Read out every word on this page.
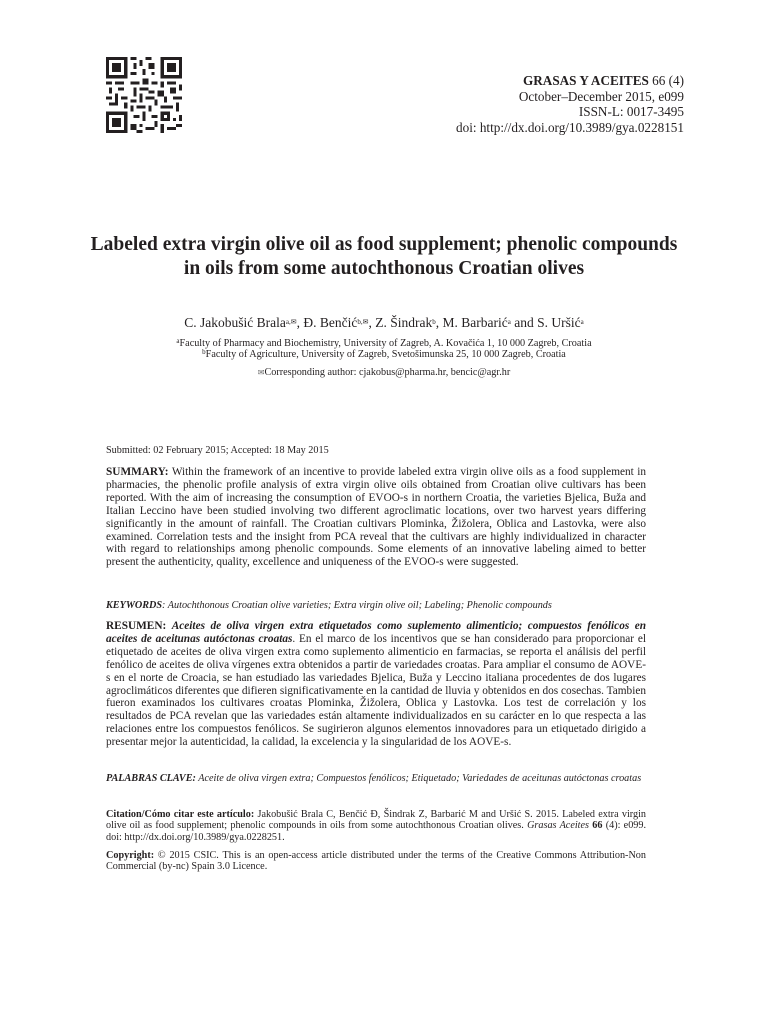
GRASAS Y ACEITES 66 (4)
October–December 2015, e099
ISSN-L: 0017-3495
doi: http://dx.doi.org/10.3989/gya.0228151
Labeled extra virgin olive oil as food supplement; phenolic compounds in oils from some autochthonous Croatian olives
C. Jakobušić Brala$^{a,✉}$, Đ. Benčić$^{b,✉}$, Z. Šindrak$^b$, M. Barbarić$^a$ and S. Uršić$^a$
$^a$Faculty of Pharmacy and Biochemistry, University of Zagreb, A. Kovačića 1, 10 000 Zagreb, Croatia
$^b$Faculty of Agriculture, University of Zagreb, Svetošimunska 25, 10 000 Zagreb, Croatia
✉Corresponding author: cjakobus@pharma.hr, bencic@agr.hr
Submitted: 02 February 2015; Accepted: 18 May 2015
SUMMARY: Within the framework of an incentive to provide labeled extra virgin olive oils as a food supplement in pharmacies, the phenolic profile analysis of extra virgin olive oils obtained from Croatian olive cultivars has been reported. With the aim of increasing the consumption of EVOO-s in northern Croatia, the varieties Bjelica, Buža and Italian Leccino have been studied involving two different agroclimatic locations, over two harvest years differing significantly in the amount of rainfall. The Croatian cultivars Plominka, Žižolera, Oblica and Lastovka, were also examined. Correlation tests and the insight from PCA reveal that the cultivars are highly individualized in character with regard to relationships among phenolic compounds. Some elements of an innovative labeling aimed to better present the authenticity, quality, excellence and uniqueness of the EVOO-s were suggested.
KEYWORDS: Autochthonous Croatian olive varieties; Extra virgin olive oil; Labeling; Phenolic compounds
RESUMEN: Aceites de oliva virgen extra etiquetados como suplemento alimenticio; compuestos fenólicos en aceites de aceitunas autóctonas croatas. En el marco de los incentivos que se han considerado para proporcionar el etiquetado de aceites de oliva virgen extra como suplemento alimenticio en farmacias, se reporta el análisis del perfil fenólico de aceites de oliva vírgenes extra obtenidos a partir de variedades croatas. Para ampliar el consumo de AOVE-s en el norte de Croacia, se han estudiado las variedades Bjelica, Buža y Leccino italiana procedentes de dos lugares agroclimáticos diferentes que difieren significativamente en la cantidad de lluvia y obtenidos en dos cosechas. Tambien fueron examinados los cultivares croatas Plominka, Žižolera, Oblica y Lastovka. Los test de correlación y los resultados de PCA revelan que las variedades están altamente individualizados en su carácter en lo que respecta a las relaciones entre los compuestos fenólicos. Se sugirieron algunos elementos innovadores para un etiquetado dirigido a presentar mejor la autenticidad, la calidad, la excelencia y la singularidad de los AOVE-s.
PALABRAS CLAVE: Aceite de oliva virgen extra; Compuestos fenólicos; Etiquetado; Variedades de aceitunas autóctonas croatas
Citation/Cómo citar este artículo: Jakobušić Brala C, Benčić Đ, Šindrak Z, Barbarić M and Uršić S. 2015. Labeled extra virgin olive oil as food supplement; phenolic compounds in oils from some autochthonous Croatian olives. Grasas Aceites 66 (4): e099. doi: http://dx.doi.org/10.3989/gya.0228251.
Copyright: © 2015 CSIC. This is an open-access article distributed under the terms of the Creative Commons Attribution-Non Commercial (by-nc) Spain 3.0 Licence.
